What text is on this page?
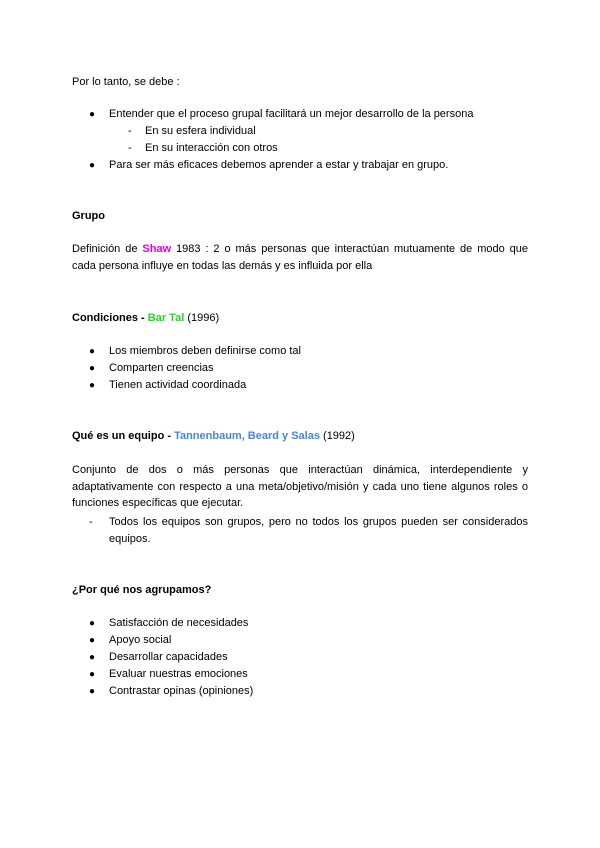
Por lo tanto, se debe :

● Entender que el proceso grupal facilitará un mejor desarrollo de la persona
- En su esfera individual
- En su interacción con otros
● Para ser más eficaces debemos aprender a estar y trabajar en grupo.

Grupo

Definición de Shaw 1983 : 2 o más personas que interactúan mutuamente de modo que cada persona influye en todas las demás y es influida por ella

Condiciones - Bar Tal (1996)

● Los miembros deben definirse como tal
● Comparten creencias
● Tienen actividad coordinada

Qué es un equipo - Tannenbaum, Beard y Salas (1992)

Conjunto de dos o más personas que interactúan dinámica, interdependiente y adaptativamente con respecto a una meta/objetivo/misión y cada uno tiene algunos roles o funciones específicas que ejecutar.

- Todos los equipos son grupos, pero no todos los grupos pueden ser considerados equipos.

¿Por qué nos agrupamos?

● Satisfacción de necesidades
● Apoyo social
● Desarrollar capacidades
● Evaluar nuestras emociones
● Contrastar opinas (opiniones)
